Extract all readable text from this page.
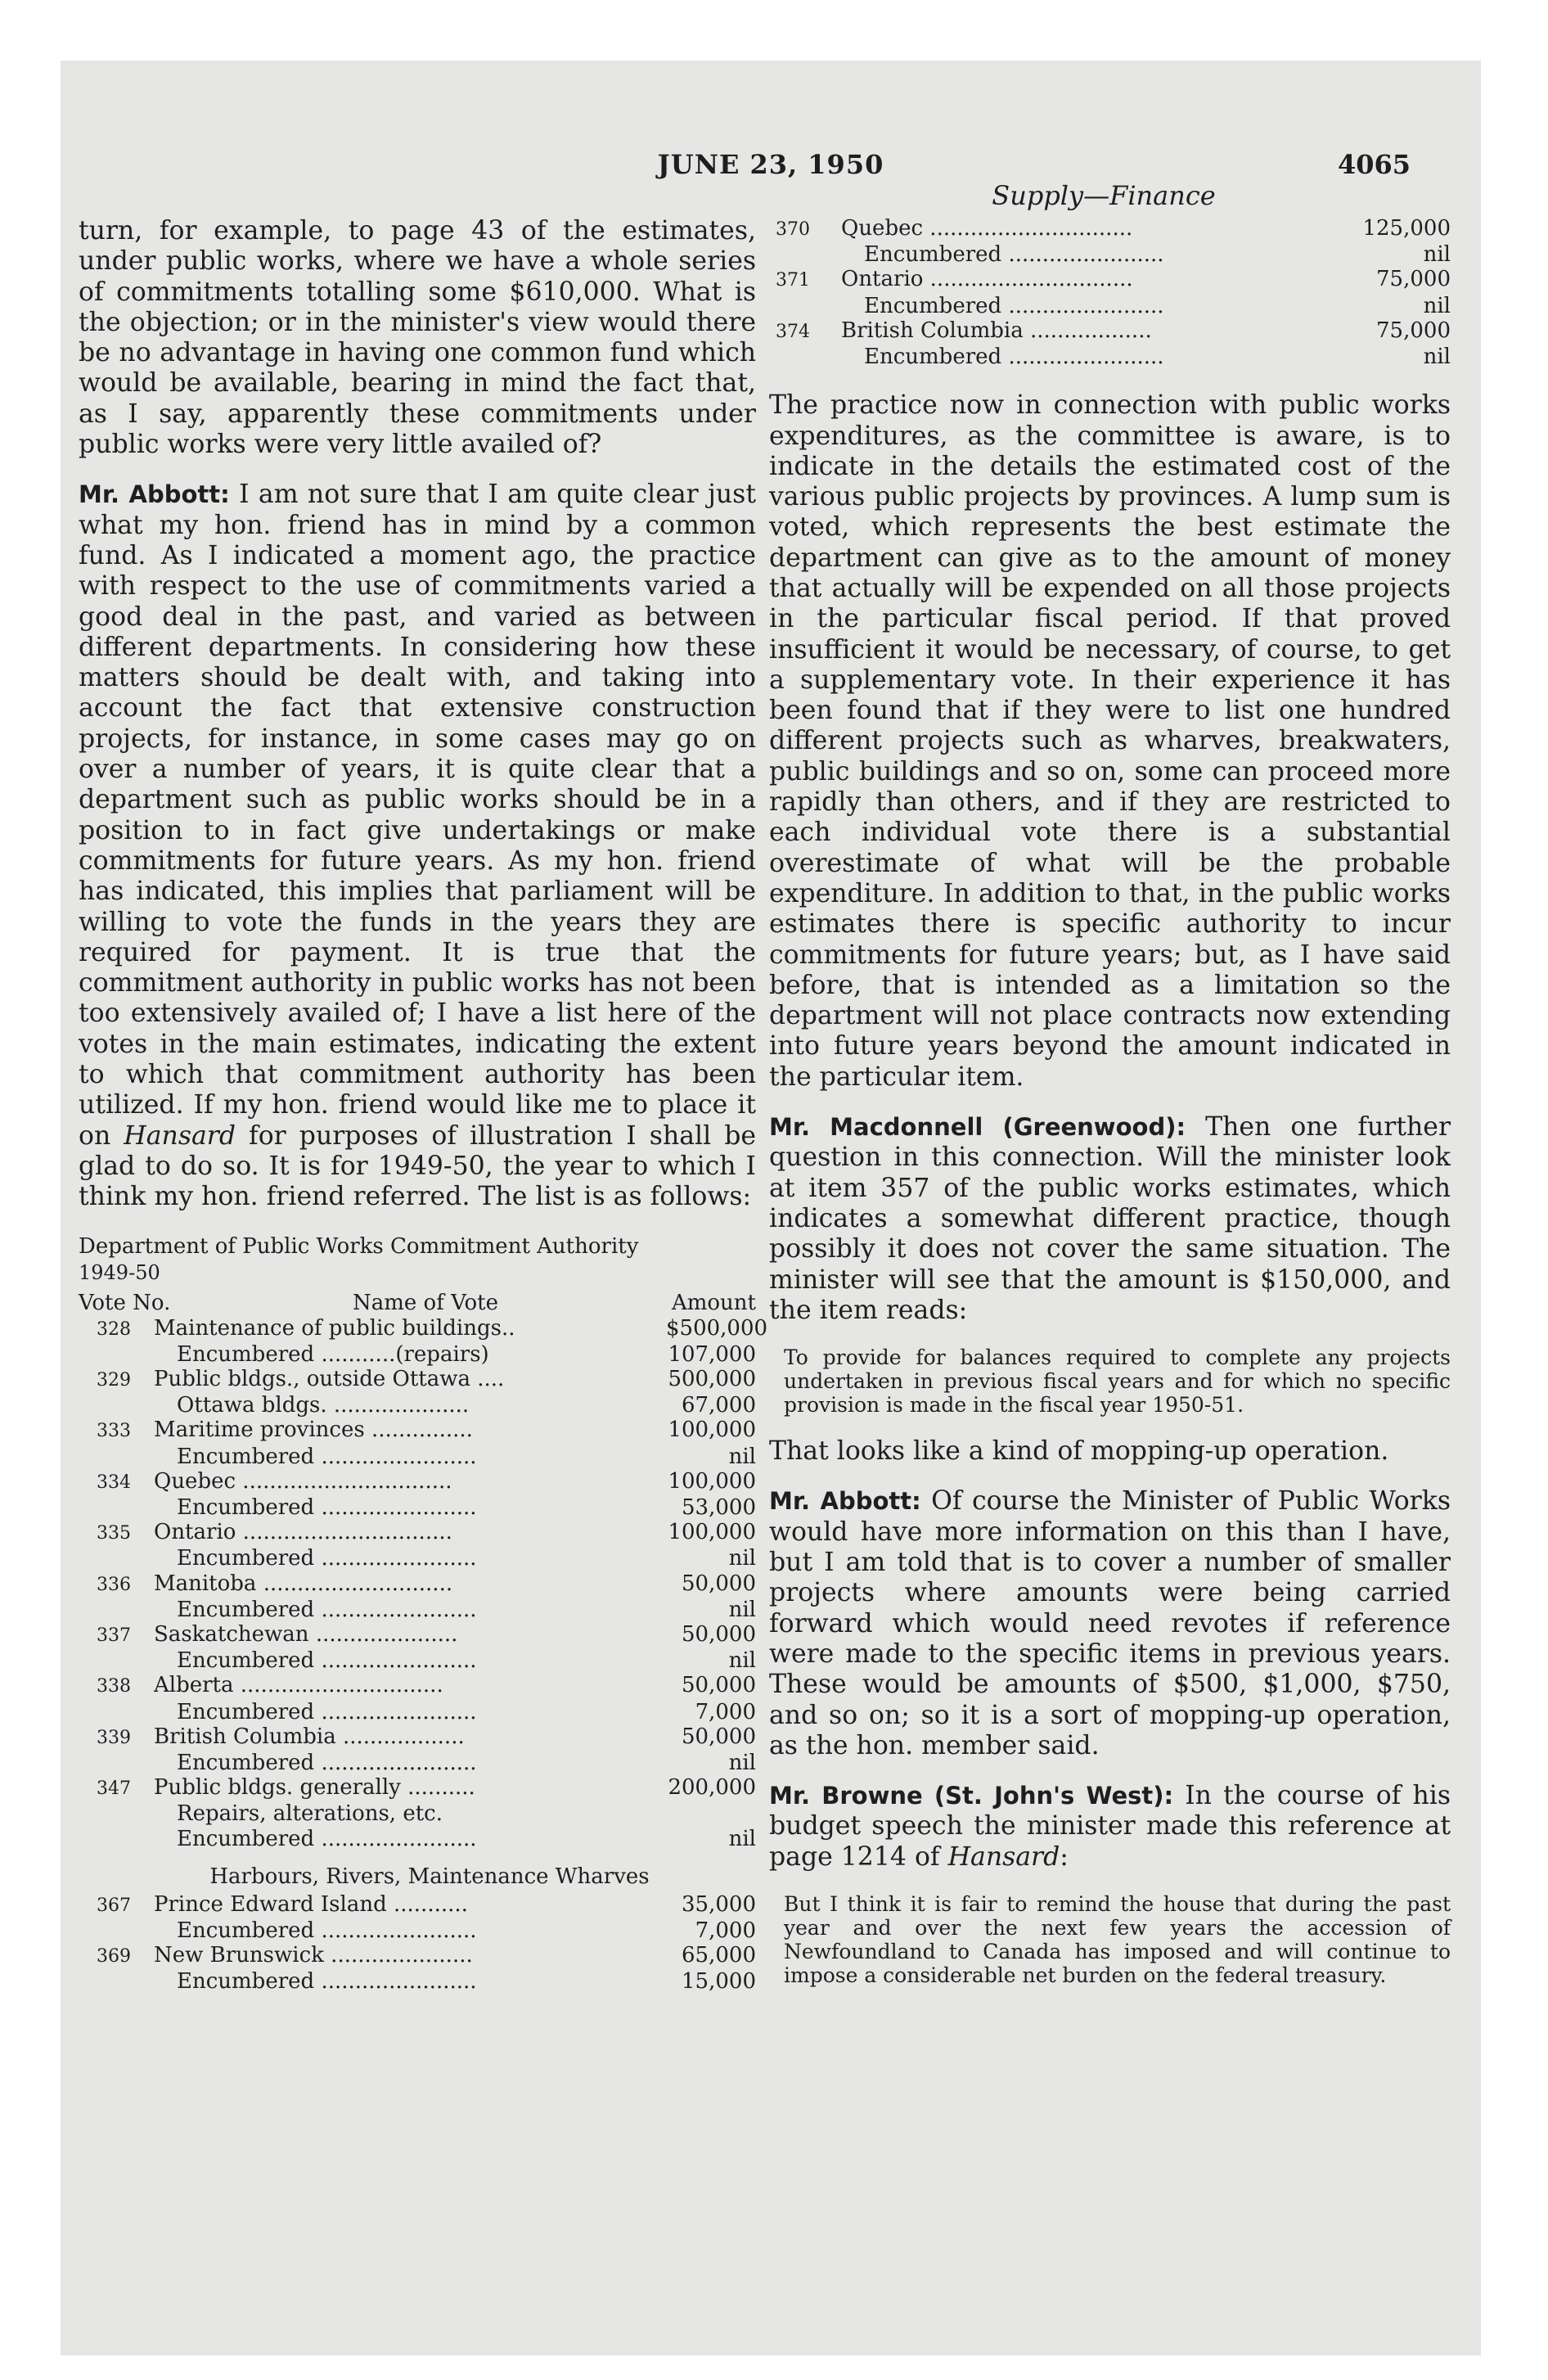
JUNE 23, 1950	4065
Supply—Finance

turn, for example, to page 43 of the estimates, under public works, where we have a whole series of commitments totalling some $610,000. What is the objection; or in the minister's view would there be no advantage in having one common fund which would be available, bearing in mind the fact that, as I say, apparently these commitments under public works were very little availed of?

Mr. Abbott: I am not sure that I am quite clear just what my hon. friend has in mind by a common fund. As I indicated a moment ago, the practice with respect to the use of commitments varied a good deal in the past, and varied as between different departments. In considering how these matters should be dealt with, and taking into account the fact that extensive construction projects, for instance, in some cases may go on over a number of years, it is quite clear that a department such as public works should be in a position to in fact give undertakings or make commitments for future years. As my hon. friend has indicated, this implies that parliament will be willing to vote the funds in the years they are required for payment. It is true that the commitment authority in public works has not been too extensively availed of; I have a list here of the votes in the main estimates, indicating the extent to which that commitment authority has been utilized. If my hon. friend would like me to place it on Hansard for purposes of illustration I shall be glad to do so. It is for 1949-50, the year to which I think my hon. friend referred. The list is as follows:

Department of Public Works Commitment Authority
1949-50
Vote No.	Name of Vote	Amount
328	Maintenance of public buildings..	$500,000
Encumbered ...........(repairs)	107,000
329	Public bldgs., outside Ottawa ....	500,000
Ottawa bldgs. ....................	67,000
333	Maritime provinces ...............	100,000
Encumbered .......................	nil
334	Quebec ...............................	100,000
Encumbered .......................	53,000
335	Ontario ...............................	100,000
Encumbered .......................	nil
336	Manitoba ............................	50,000
Encumbered .......................	nil
337	Saskatchewan .....................	50,000
Encumbered .......................	nil
338	Alberta ..............................	50,000
Encumbered .......................	7,000
339	British Columbia ..................	50,000
Encumbered .......................	nil
347	Public bldgs. generally ..........	200,000
Repairs, alterations, etc.
Encumbered .......................	nil
Harbours, Rivers, Maintenance Wharves
367	Prince Edward Island ...........	35,000
Encumbered .......................	7,000
369	New Brunswick .....................	65,000
Encumbered .......................	15,000
370	Quebec ..............................	125,000
Encumbered .......................	nil
371	Ontario ..............................	75,000
Encumbered .......................	nil
374	British Columbia ..................	75,000
Encumbered .......................	nil

The practice now in connection with public works expenditures, as the committee is aware, is to indicate in the details the estimated cost of the various public projects by provinces. A lump sum is voted, which represents the best estimate the department can give as to the amount of money that actually will be expended on all those projects in the particular fiscal period. If that proved insufficient it would be necessary, of course, to get a supplementary vote. In their experience it has been found that if they were to list one hundred different projects such as wharves, breakwaters, public buildings and so on, some can proceed more rapidly than others, and if they are restricted to each individual vote there is a substantial overestimate of what will be the probable expenditure. In addition to that, in the public works estimates there is specific authority to incur commitments for future years; but, as I have said before, that is intended as a limitation so the department will not place contracts now extending into future years beyond the amount indicated in the particular item.

Mr. Macdonnell (Greenwood): Then one further question in this connection. Will the minister look at item 357 of the public works estimates, which indicates a somewhat different practice, though possibly it does not cover the same situation. The minister will see that the amount is $150,000, and the item reads:

To provide for balances required to complete any projects undertaken in previous fiscal years and for which no specific provision is made in the fiscal year 1950-51.

That looks like a kind of mopping-up operation.

Mr. Abbott: Of course the Minister of Public Works would have more information on this than I have, but I am told that is to cover a number of smaller projects where amounts were being carried forward which would need revotes if reference were made to the specific items in previous years. These would be amounts of $500, $1,000, $750, and so on; so it is a sort of mopping-up operation, as the hon. member said.

Mr. Browne (St. John's West): In the course of his budget speech the minister made this reference at page 1214 of Hansard:

But I think it is fair to remind the house that during the past year and over the next few years the accession of Newfoundland to Canada has imposed and will continue to impose a considerable net burden on the federal treasury.
